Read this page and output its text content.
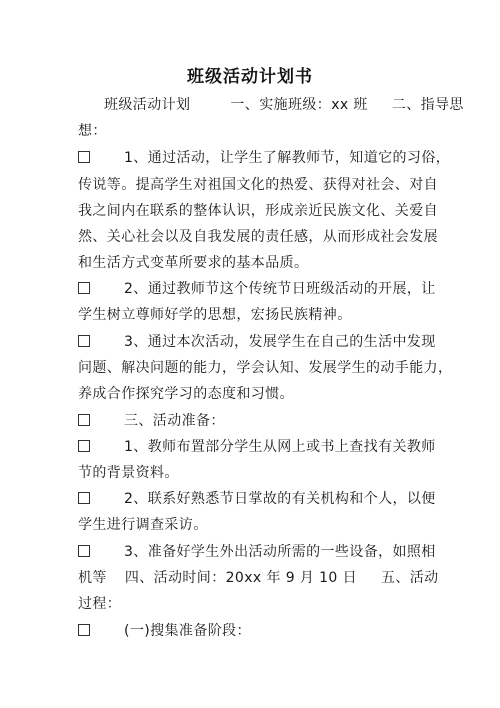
班级活动计划书
班级活动计划	一、实施班级：xx 班 二、指导思
想：
1、通过活动，让学生了解教师节，知道它的习俗，
传说等。提高学生对祖国文化的热爱、获得对社会、对自
我之间内在联系的整体认识，形成亲近民族文化、关爱自
然、关心社会以及自我发展的责任感，从而形成社会发展
和生活方式变革所要求的基本品质。
2、通过教师节这个传统节日班级活动的开展，让
学生树立尊师好学的思想，宏扬民族精神。
3、通过本次活动，发展学生在自己的生活中发现
问题、解决问题的能力，学会认知、发展学生的动手能力，
养成合作探究学习的态度和习惯。
三、活动准备：
1、教师布置部分学生从网上或书上查找有关教师
节的背景资料。
2、联系好熟悉节日掌故的有关机构和个人，以便
学生进行调查采访。
3、准备好学生外出活动所需的一些设备，如照相
机等 四、活动时间：20xx 年 9 月 10 日 五、活动
过程：
(一)搜集准备阶段：
